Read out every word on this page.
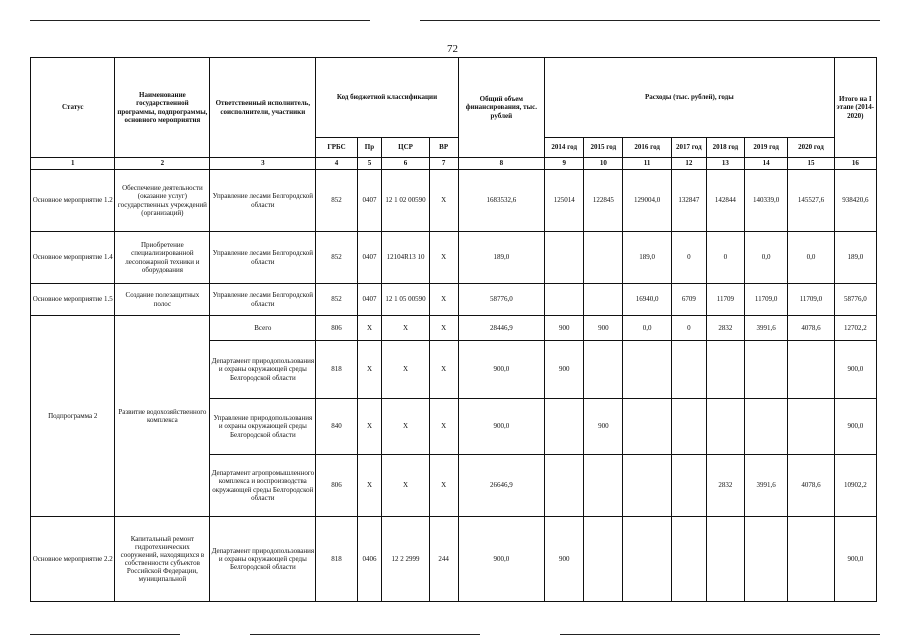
72
Статус	Наименование государственной программы, подпрограммы, основного мероприятия	Ответственный исполнитель, соисполнители, участники	Код бюджетной классификации				Общий объем финансирования, тыс. рублей	Расходы (тыс. рублей), годы							Итого на I этапе (2014-2020)
			ГРБС	Пр	ЦСР	ВР		2014 год	2015 год	2016 год	2017 год	2018 год	2019 год	2020 год	
1	2	3	4	5	6	7	8	9	10	11	12	13	14	15	16
Основное мероприятие 1.2	Обеспечение деятельности (оказание услуг) государственных учреждений (организаций)	Управление лесами Белгородской области	852	0407	12 1 02 00590	Х	1683532,6	125014	122845	129004,0	132847	142844	140339,0	145527,6	938420,6
Основное мероприятие 1.4	Приобретение специализированной лесопожарной техники и оборудования	Управление лесами Белгородской области	852	0407	12104R13 10	Х	189,0			189,0	0	0	0,0	0,0	189,0
Основное мероприятие 1.5	Создание полезащитных полос	Управление лесами Белгородской области	852	0407	12 1 05 00590	Х	58776,0			16940,0	6709	11709	11709,0	11709,0	58776,0
Подпрограмма 2	Развитие водохозяйственного комплекса	Всего	806	Х	Х	Х	28446,9	900	900	0,0	0	2832	3991,6	4078,6	12702,2
		Департамент природопользования и охраны окружающей среды Белгородской области	818	Х	Х	Х	900,0	900							900,0
		Управление природопользования и охраны окружающей среды Белгородской области	840	Х	Х	Х	900,0		900						900,0
		Департамент агропромышленного комплекса и воспроизводства окружающей среды Белгородской области	806	Х	Х	Х	26646,9					2832	3991,6	4078,6	10902,2
Основное мероприятие 2.2	Капитальный ремонт гидротехнических сооружений, находящихся в собственности субъектов Российской Федерации, муниципальной	Департамент природопользования и охраны окружающей среды Белгородской области	818	0406	12 2 2999	244	900,0	900							900,0
